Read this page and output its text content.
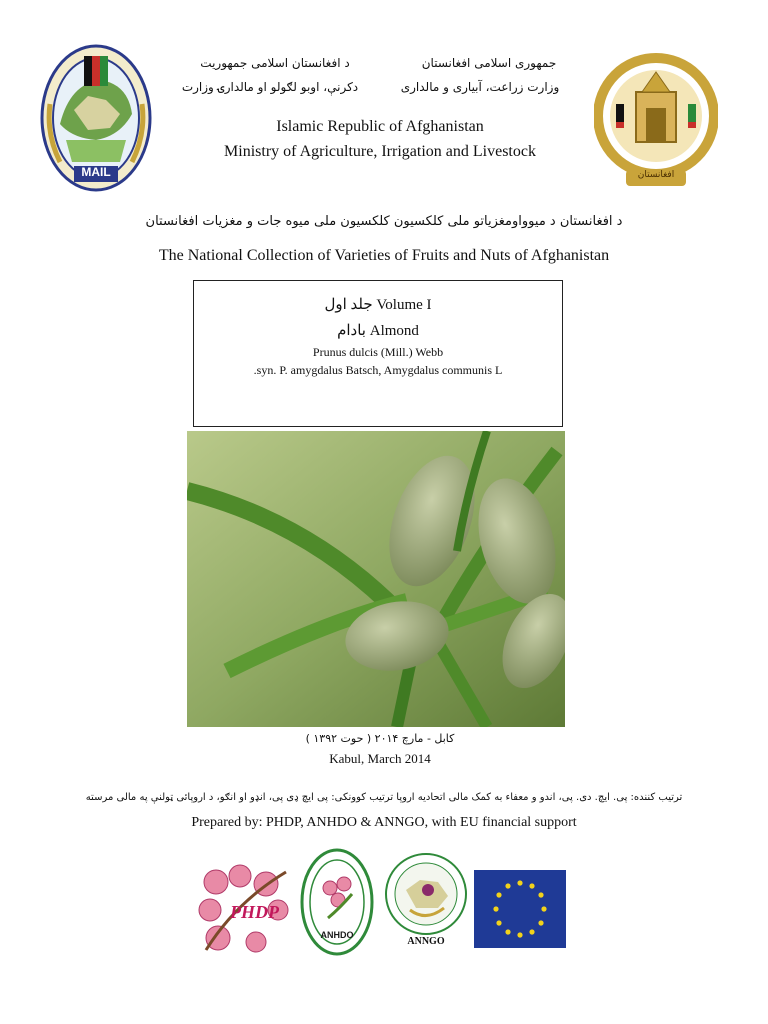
MAIL	افغانستان
د افغانستان اسلامی جمهوریت
دکرنې، اوبو لګولو او مالدارۍ وزارت
جمهوری اسلامی افغانستان
وزارت زراعت، آبیاری و مالداری
Islamic Republic of Afghanistan
Ministry of Agriculture, Irrigation and Livestock
د افغانستان د میوواومغزیاتو ملی کلکسیون کلکسیون ملی میوه جات و مغزیات افغانستان
The National Collection of Varieties of Fruits and Nuts of Afghanistan
جلد اول Volume I
بادام Almond
Prunus dulcis (Mill.) Webb
.syn. P. amygdalus Batsch, Amygdalus communis L
کابل - مارچ ۲۰۱۴ ( حوت ۱۳۹۲ )
Kabul, March 2014
ترتیب کننده: پی. ایچ. دی. پی، اندو و معفاء به کمک مالی اتحادیه اروپا ترتیب کوونکی: پی ایچ ډی پی، انډو او انګو، د اروپائی ټولنې په مالی مرسته
Prepared by: PHDP, ANHDO & ANNGO, with EU financial support
PHDP
ANHDO
ANNGO
